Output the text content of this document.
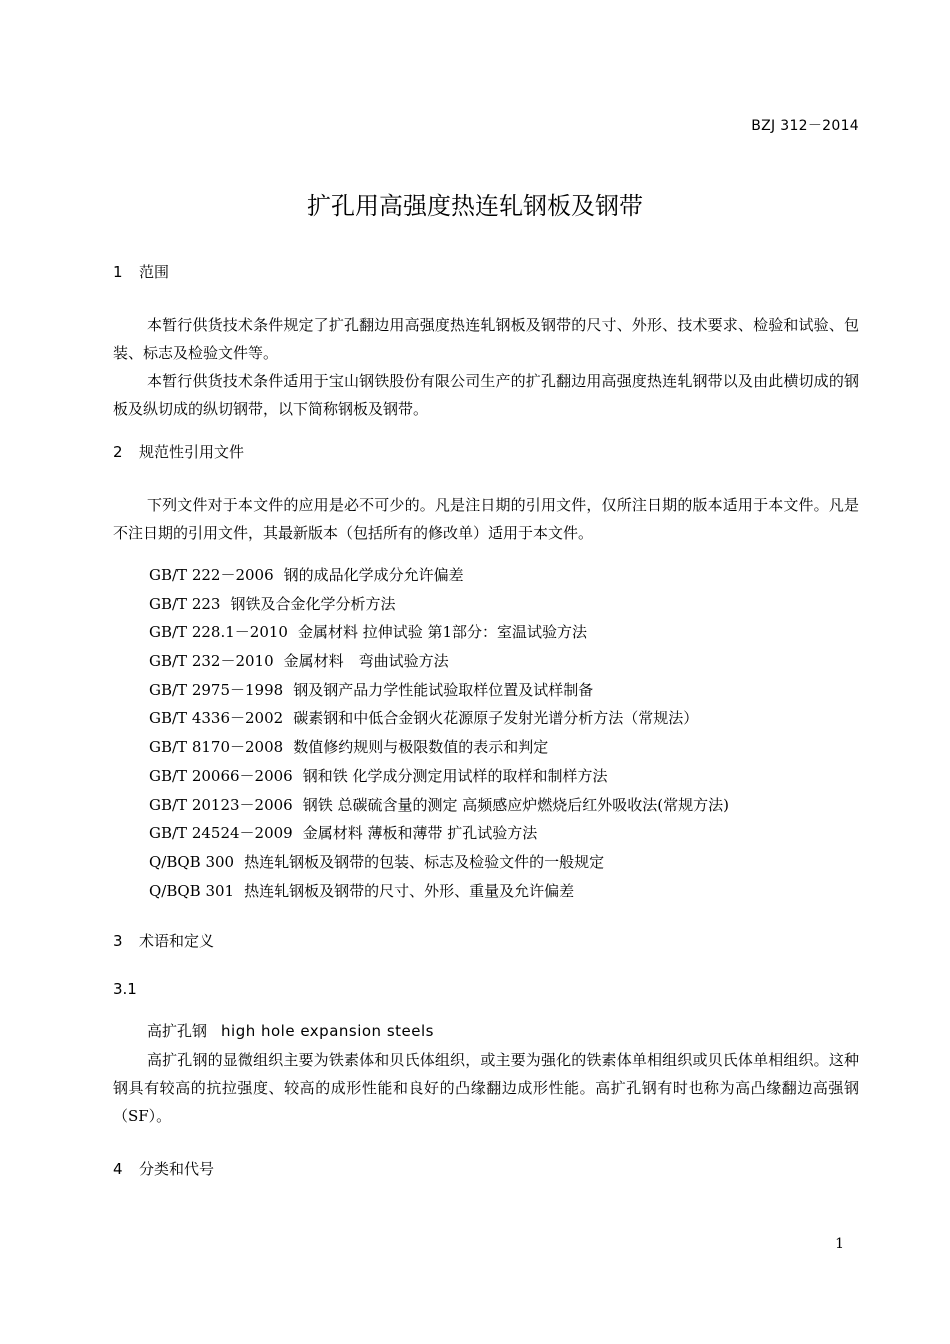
BZJ 312－2014
扩孔用高强度热连轧钢板及钢带
1 范围
本暂行供货技术条件规定了扩孔翻边用高强度热连轧钢板及钢带的尺寸、外形、技术要求、检验和试验、包装、标志及检验文件等。
本暂行供货技术条件适用于宝山钢铁股份有限公司生产的扩孔翻边用高强度热连轧钢带以及由此横切成的钢板及纵切成的纵切钢带，以下简称钢板及钢带。
2 规范性引用文件
下列文件对于本文件的应用是必不可少的。凡是注日期的引用文件，仅所注日期的版本适用于本文件。凡是不注日期的引用文件，其最新版本（包括所有的修改单）适用于本文件。
GB/T 222－2006 钢的成品化学成分允许偏差
GB/T 223 钢铁及合金化学分析方法
GB/T 228.1－2010 金属材料 拉伸试验 第1部分：室温试验方法
GB/T 232－2010 金属材料　弯曲试验方法
GB/T 2975－1998 钢及钢产品力学性能试验取样位置及试样制备
GB/T 4336－2002 碳素钢和中低合金钢火花源原子发射光谱分析方法（常规法）
GB/T 8170－2008 数值修约规则与极限数值的表示和判定
GB/T 20066－2006 钢和铁 化学成分测定用试样的取样和制样方法
GB/T 20123－2006 钢铁 总碳硫含量的测定 高频感应炉燃烧后红外吸收法(常规方法)
GB/T 24524－2009 金属材料 薄板和薄带 扩孔试验方法
Q/BQB 300 热连轧钢板及钢带的包装、标志及检验文件的一般规定
Q/BQB 301 热连轧钢板及钢带的尺寸、外形、重量及允许偏差
3 术语和定义
3.1
高扩孔钢 high hole expansion steels
高扩孔钢的显微组织主要为铁素体和贝氏体组织，或主要为强化的铁素体单相组织或贝氏体单相组织。这种钢具有较高的抗拉强度、较高的成形性能和良好的凸缘翻边成形性能。高扩孔钢有时也称为高凸缘翻边高强钢（SF）。
4 分类和代号
1
